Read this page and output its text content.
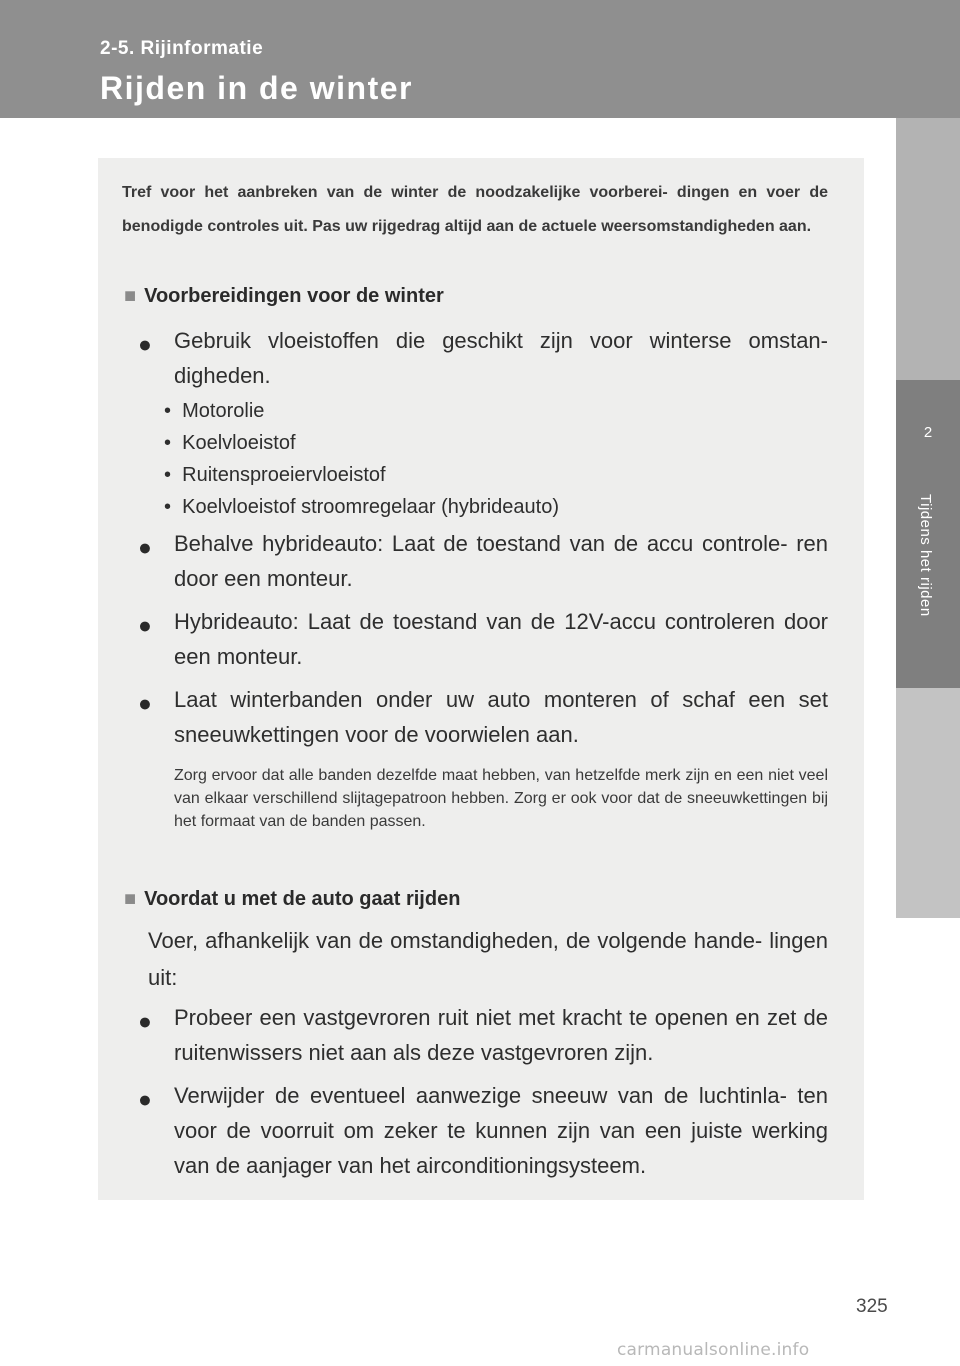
2-5. Rijinformatie
Rijden in de winter
2
Tijdens het rijden

Tref voor het aanbreken van de winter de noodzakelijke voorberei- dingen en voer de benodigde controles uit. Pas uw rijgedrag altijd aan de actuele weersomstandigheden aan.

■ Voorbereidingen voor de winter
● Gebruik vloeistoffen die geschikt zijn voor winterse omstan- digheden.
•  Motorolie
•  Koelvloeistof
•  Ruitensproeiervloeistof
•  Koelvloeistof stroomregelaar (hybrideauto)
● Behalve hybrideauto: Laat de toestand van de accu controle- ren door een monteur.
● Hybrideauto: Laat de toestand van de 12V-accu controleren door een monteur.
● Laat winterbanden onder uw auto monteren of schaf een set sneeuwkettingen voor de voorwielen aan.

Zorg ervoor dat alle banden dezelfde maat hebben, van hetzelfde merk zijn en een niet veel van elkaar verschillend slijtagepatroon hebben. Zorg er ook voor dat de sneeuwkettingen bij het formaat van de banden passen.

■ Voordat u met de auto gaat rijden

Voer, afhankelijk van de omstandigheden, de volgende hande- lingen uit:

● Probeer een vastgevroren ruit niet met kracht te openen en zet de ruitenwissers niet aan als deze vastgevroren zijn.
● Verwijder de eventueel aanwezige sneeuw van de luchtinla- ten voor de voorruit om zeker te kunnen zijn van een juiste werking van de aanjager van het airconditioningsysteem.
325
carmanualsonline.info
